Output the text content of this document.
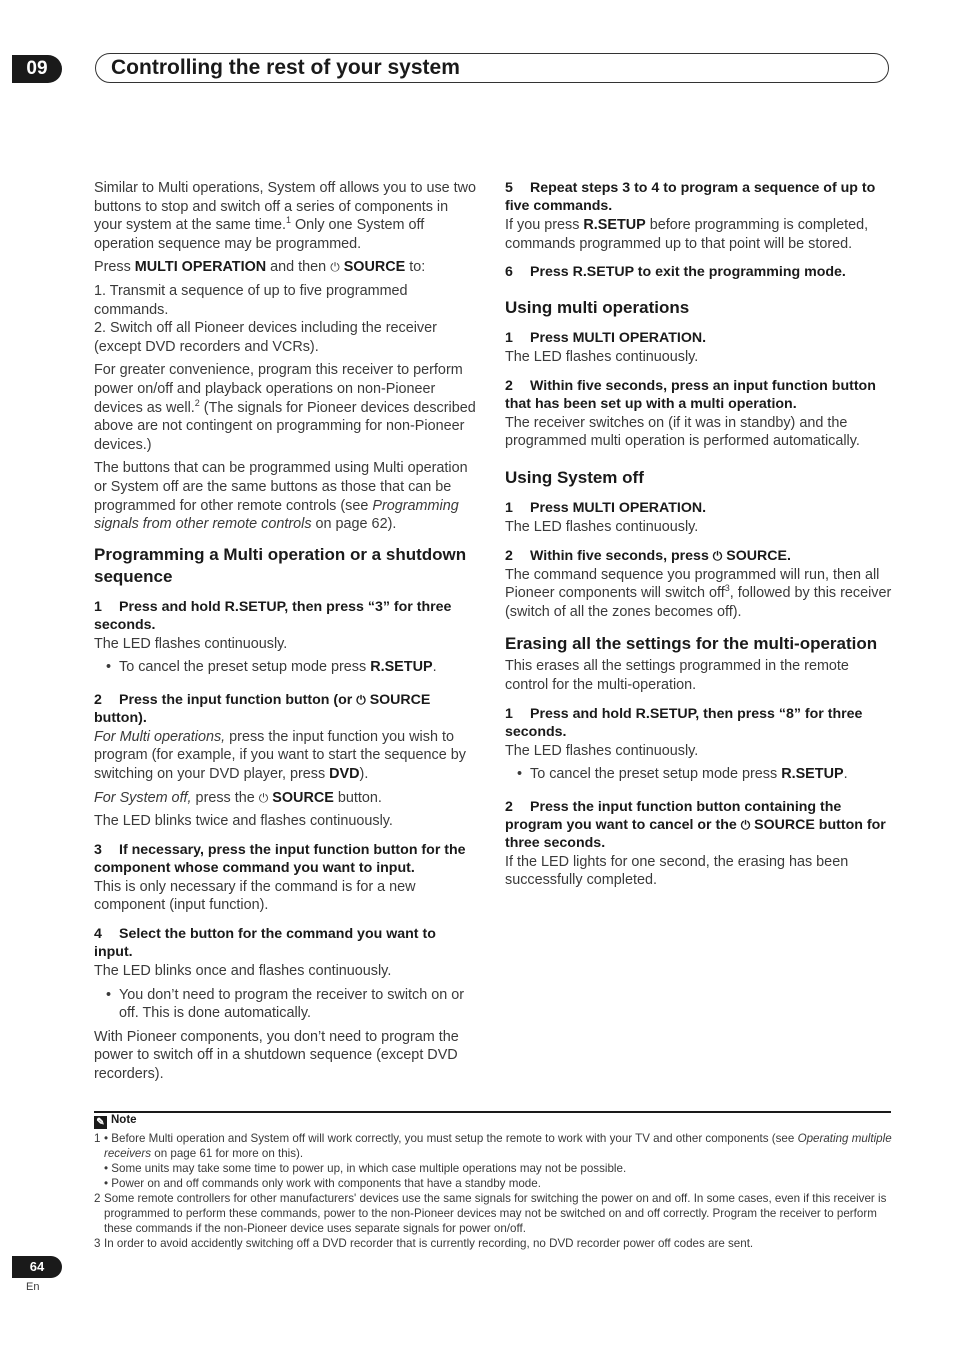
09	Controlling the rest of your system

Similar to Multi operations, System off allows you to use two buttons to stop and switch off a series of components in your system at the same time.$^1$ Only one System off operation sequence may be programmed.

Press MULTI OPERATION and then ⏻ SOURCE to:

1. Transmit a sequence of up to five programmed commands.

2. Switch off all Pioneer devices including the receiver (except DVD recorders and VCRs).

For greater convenience, program this receiver to perform power on/off and playback operations on non-Pioneer devices as well.$^2$ (The signals for Pioneer devices described above are not contingent on programming for non-Pioneer devices.)

The buttons that can be programmed using Multi operation or System off are the same buttons as those that can be programmed for other remote controls (see Programming signals from other remote controls on page 62).

Programming a Multi operation or a shutdown sequence
1 Press and hold R.SETUP, then press “3” for three seconds.

The LED flashes continuously.

• To cancel the preset setup mode press R.SETUP.
2 Press the input function button (or ⏻ SOURCE button).

For Multi operations, press the input function you wish to program (for example, if you want to start the sequence by switching on your DVD player, press DVD).

For System off, press the ⏻ SOURCE button.

The LED blinks twice and flashes continuously.

3 If necessary, press the input function button for the component whose command you want to input.

This is only necessary if the command is for a new component (input function).

4 Select the button for the command you want to input.

The LED blinks once and flashes continuously.

• You don’t need to program the receiver to switch on or off. This is done automatically.

With Pioneer components, you don’t need to program the power to switch off in a shutdown sequence (except DVD recorders).

5 Repeat steps 3 to 4 to program a sequence of up to five commands.

If you press R.SETUP before programming is completed, commands programmed up to that point will be stored.

6 Press R.SETUP to exit the programming mode.
Using multi operations
1 Press MULTI OPERATION.

The LED flashes continuously.

2 Within five seconds, press an input function button that has been set up with a multi operation.

The receiver switches on (if it was in standby) and the programmed multi operation is performed automatically.

Using System off
1 Press MULTI OPERATION.

The LED flashes continuously.

2 Within five seconds, press ⏻ SOURCE.

The command sequence you programmed will run, then all Pioneer components will switch off$^3$, followed by this receiver (switch of all the zones becomes off).

Erasing all the settings for the multi-operation

This erases all the settings programmed in the remote control for the multi-operation.

1 Press and hold R.SETUP, then press “8” for three seconds.

The LED flashes continuously.

• To cancel the preset setup mode press R.SETUP.
2 Press the input function button containing the program you want to cancel or the ⏻ SOURCE button for three seconds.

If the LED lights for one second, the erasing has been successfully completed.

✎ Note
1 • Before Multi operation and System off will work correctly, you must setup the remote to work with your TV and other components (see Operating multiple receivers on page 61 for more on this).
• Some units may take some time to power up, in which case multiple operations may not be possible.
• Power on and off commands only work with components that have a standby mode.
2 Some remote controllers for other manufacturers' devices use the same signals for switching the power on and off. In some cases, even if this receiver is programmed to perform these commands, power to the non-Pioneer devices may not be switched on and off correctly. Program the receiver to perform these commands if the non-Pioneer device uses separate signals for power on/off.
3 In order to avoid accidently switching off a DVD recorder that is currently recording, no DVD recorder power off codes are sent.
64
En
